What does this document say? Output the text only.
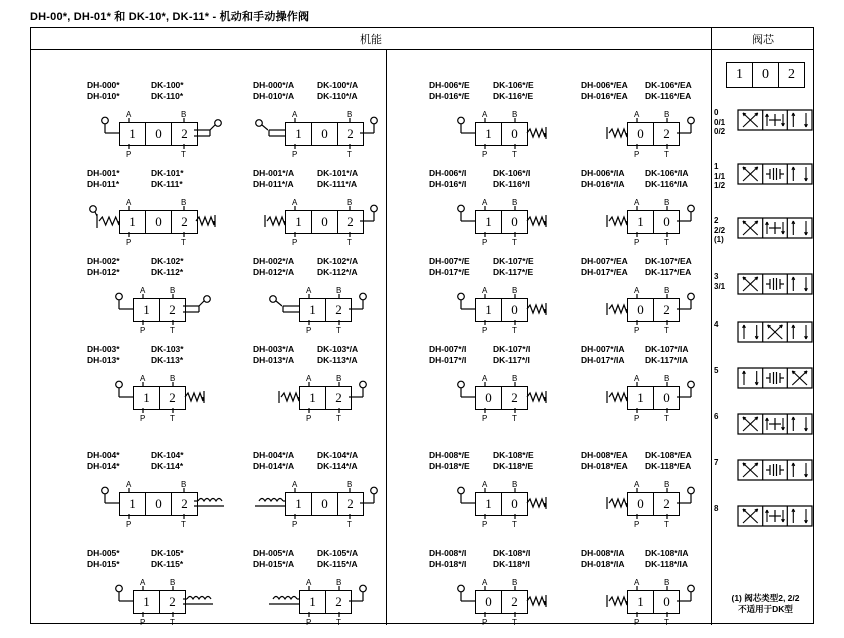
DH-00*, DH-01* 和 DK-10*, DK-11* - 机动和手动操作阀
机能	阀芯
DH-000*	DK-100*
DH-010*	DK-110*
A	B
P	T
1	0	2
DH-000*/A	DK-100*/A
DH-010*/A	DK-110*/A
A	B
P	T
1	0	2
DH-006*/E	DK-106*/E
DH-016*/E	DK-116*/E
A	B
P	T
1	0
DH-006*/EA DK-106*/EA
DH-016*/EA DK-116*/EA
A	B
P	T
0	2
DH-001*	DK-101*
DH-011*	DK-111*
A	B
P	T
1	0	2
DH-001*/A	DK-101*/A
DH-011*/A	DK-111*/A
A	B
P	T
1	0	2
DH-006*/I	DK-106*/I
DH-016*/I	DK-116*/I
A	B
P	T
1	0
DH-006*/IA DK-106*/IA
DH-016*/IA DK-116*/IA
A	B
P	T
1	0
DH-002*	DK-102*
DH-012*	DK-112*
A	B
P	T
1	2
DH-002*/A	DK-102*/A
DH-012*/A	DK-112*/A
A	B
P	T
1	2
DH-007*/E	DK-107*/E
DH-017*/E	DK-117*/E
A	B
P	T
1	0
DH-007*/EA DK-107*/EA
DH-017*/EA DK-117*/EA
A	B
P	T
0	2
DH-003*	DK-103*
DH-013*	DK-113*
A	B
P	T
1	2
DH-003*/A	DK-103*/A
DH-013*/A	DK-113*/A
A	B
P	T
1	2
DH-007*/I	DK-107*/I
DH-017*/I	DK-117*/I
A	B
P	T
0	2
DH-007*/IA DK-107*/IA
DH-017*/IA DK-117*/IA
A	B
P	T
1	0
DH-004*	DK-104*
DH-014*	DK-114*
A	B
P	T
1	0	2
DH-004*/A	DK-104*/A
DH-014*/A	DK-114*/A
A	B
P	T
1	0	2
DH-008*/E	DK-108*/E
DH-018*/E	DK-118*/E
A	B
P	T
1	0
DH-008*/EA DK-108*/EA
DH-018*/EA DK-118*/EA
A	B
P	T
0	2
DH-005*	DK-105*
DH-015*	DK-115*
A	B
P	T
1	2
DH-005*/A	DK-105*/A
DH-015*/A	DK-115*/A
A	B
P	T
1	2
DH-008*/I	DK-108*/I
DH-018*/I	DK-118*/I
A	B
P	T
0	2
DH-008*/IA DK-108*/IA
DH-018*/IA DK-118*/IA
A	B
P	T
1	0
1	0	2
0
0/1
0/2
1
1/1
1/2
2
2/2
(1)
3
3/1
4
5
6
7
8
(1) 阀芯类型2, 2/2
不适用于DK型
